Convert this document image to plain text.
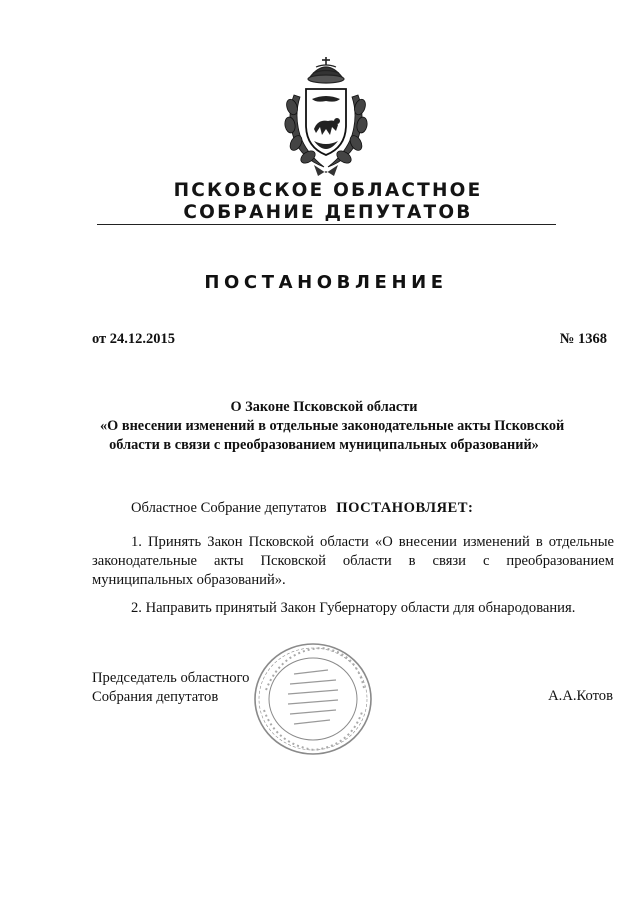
ПСКОВСКОЕ ОБЛАСТНОЕ
СОБРАНИЕ ДЕПУТАТОВ
ПОСТАНОВЛЕНИЕ
от 24.12.2015	№ 1368
О Законе Псковской области
«О внесении изменений в отдельные законодательные акты Псковской
области в связи с преобразованием муниципальных образований»
Областное Собрание депутатов ПОСТАНОВЛЯЕТ:
1. Принять Закон Псковской области «О внесении изменений в отдельные
законодательные акты Псковской области в связи с преобразованием
муниципальных образований».
2. Направить принятый Закон Губернатору области для обнародования.
Председатель областного
Собрания депутатов	А.А.Котов
